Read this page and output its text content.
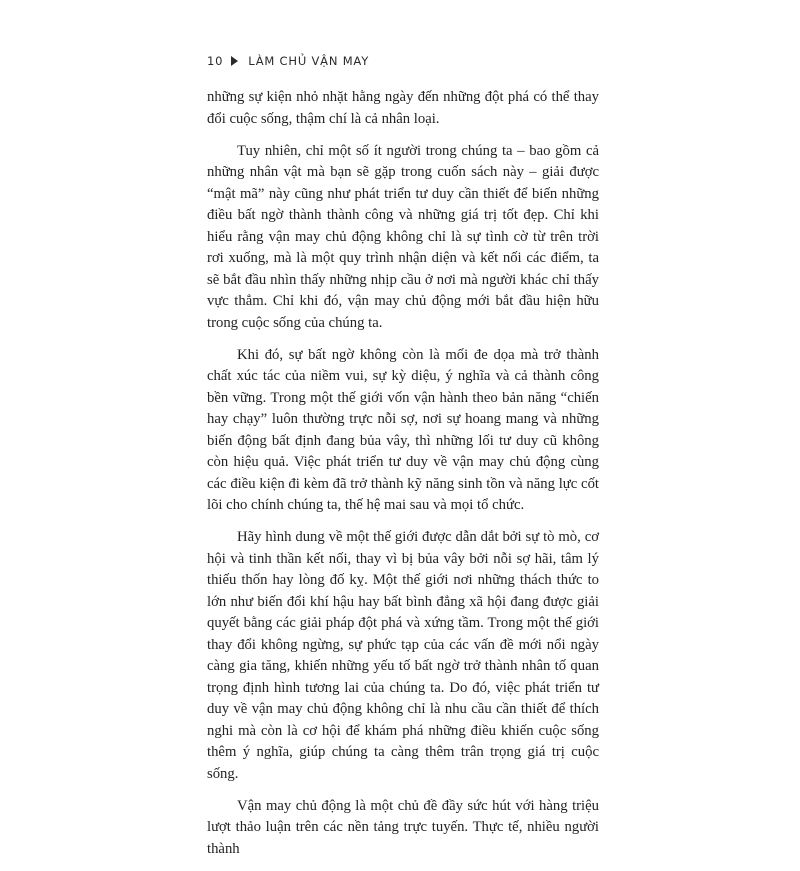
10 LÀM CHỦ VẬN MAY

những sự kiện nhỏ nhặt hằng ngày đến những đột phá có thể thay đổi cuộc sống, thậm chí là cả nhân loại.

Tuy nhiên, chỉ một số ít người trong chúng ta – bao gồm cả những nhân vật mà bạn sẽ gặp trong cuốn sách này – giải được “mật mã” này cũng như phát triển tư duy cần thiết để biến những điều bất ngờ thành thành công và những giá trị tốt đẹp. Chỉ khi hiểu rằng vận may chủ động không chỉ là sự tình cờ từ trên trời rơi xuống, mà là một quy trình nhận diện và kết nối các điểm, ta sẽ bắt đầu nhìn thấy những nhịp cầu ở nơi mà người khác chỉ thấy vực thẳm. Chỉ khi đó, vận may chủ động mới bắt đầu hiện hữu trong cuộc sống của chúng ta.

Khi đó, sự bất ngờ không còn là mối đe dọa mà trở thành chất xúc tác của niềm vui, sự kỳ diệu, ý nghĩa và cả thành công bền vững. Trong một thế giới vốn vận hành theo bản năng “chiến hay chạy” luôn thường trực nỗi sợ, nơi sự hoang mang và những biến động bất định đang bủa vây, thì những lối tư duy cũ không còn hiệu quả. Việc phát triển tư duy về vận may chủ động cùng các điều kiện đi kèm đã trở thành kỹ năng sinh tồn và năng lực cốt lõi cho chính chúng ta, thế hệ mai sau và mọi tổ chức.

Hãy hình dung về một thế giới được dẫn dắt bởi sự tò mò, cơ hội và tinh thần kết nối, thay vì bị bủa vây bởi nỗi sợ hãi, tâm lý thiếu thốn hay lòng đố kỵ. Một thế giới nơi những thách thức to lớn như biến đổi khí hậu hay bất bình đẳng xã hội đang được giải quyết bằng các giải pháp đột phá và xứng tầm. Trong một thế giới thay đổi không ngừng, sự phức tạp của các vấn đề mới nổi ngày càng gia tăng, khiến những yếu tố bất ngờ trở thành nhân tố quan trọng định hình tương lai của chúng ta. Do đó, việc phát triển tư duy về vận may chủ động không chỉ là nhu cầu cần thiết để thích nghi mà còn là cơ hội để khám phá những điều khiến cuộc sống thêm ý nghĩa, giúp chúng ta càng thêm trân trọng giá trị cuộc sống.

Vận may chủ động là một chủ đề đầy sức hút với hàng triệu lượt thảo luận trên các nền tảng trực tuyến. Thực tế, nhiều người thành
